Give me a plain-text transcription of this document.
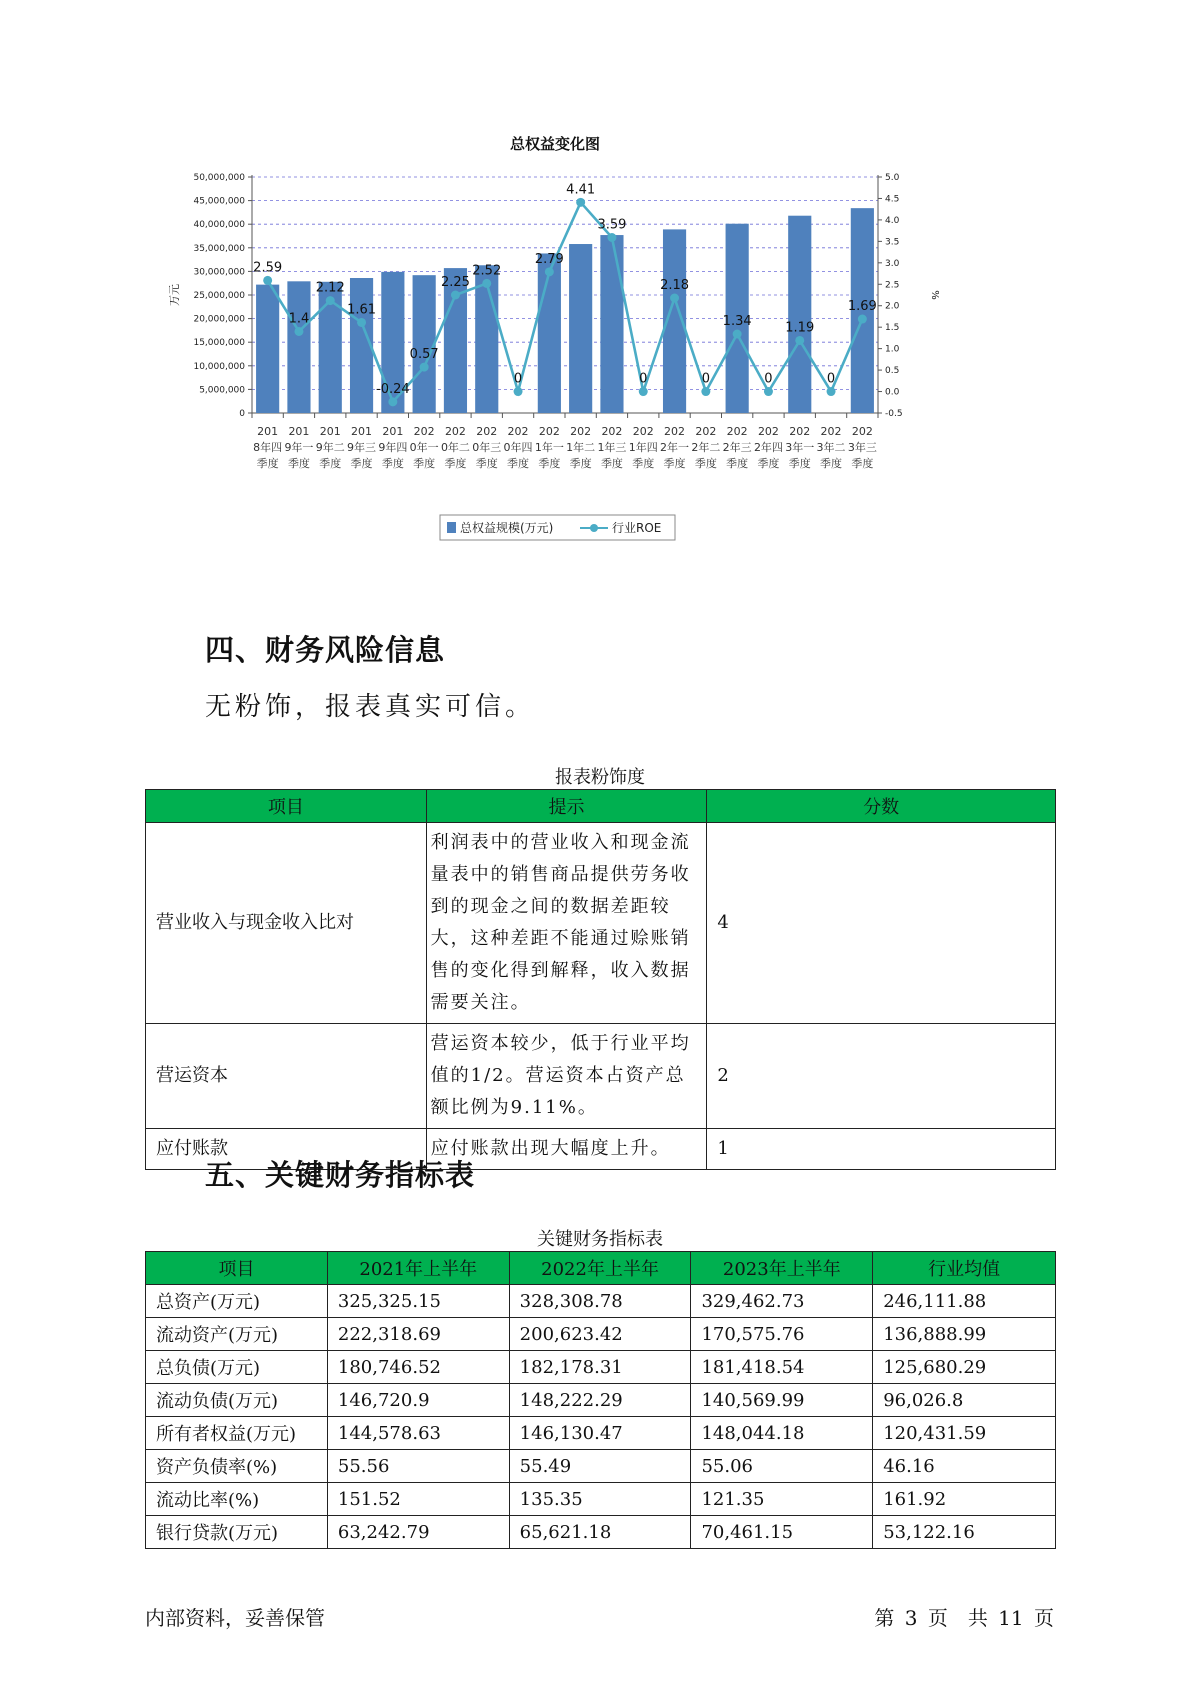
总权益变化图
50,000,000
45,000,000
40,000,000
35,000,000
30,000,000
25,000,000
20,000,000
15,000,000
10,000,000
5,000,000
0
5.0
4.5
4.0
3.5
3.0
2.5
2.0
1.5
1.0
0.5
0.0
-0.5
万元	%
2.59
1.4
2.12
1.61
-0.24
0.57
2.25
2.52
0
2.79
4.41
3.59
0
2.18
0
1.34
0
1.19
0
1.69
201 8年四季度
201 9年一季度
201 9年二季度
201 9年三季度
201 9年四季度
202 0年一季度
202 0年二季度
202 0年三季度
202 0年四季度
202 1年一季度
202 1年二季度
202 1年三季度
202 1年四季度
202 2年一季度
202 2年二季度
202 2年三季度
202 2年四季度
202 3年一季度
202 3年二季度
202 3年三季度
总权益规模(万元)	行业ROE
四、财务风险信息

无粉饰，报表真实可信。

报表粉饰度
项目	提示	分数
营业收入与现金收入比对	利润表中的营业收入和现金流量表中的销售商品提供劳务收到的现金之间的数据差距较大，这种差距不能通过赊账销售的变化得到解释，收入数据需要关注。	4
营运资本	营运资本较少，低于行业平均值的1/2。营运资本占资产总额比例为9.11%。	2
应付账款	应付账款出现大幅度上升。	1
五、关键财务指标表
关键财务指标表
项目	2021年上半年	2022年上半年	2023年上半年	行业均值
总资产(万元)	325,325.15	328,308.78	329,462.73	246,111.88
流动资产(万元)	222,318.69	200,623.42	170,575.76	136,888.99
总负债(万元)	180,746.52	182,178.31	181,418.54	125,680.29
流动负债(万元)	146,720.9	148,222.29	140,569.99	96,026.8
所有者权益(万元)	144,578.63	146,130.47	148,044.18	120,431.59
资产负债率(%)	55.56	55.49	55.06	46.16
流动比率(%)	151.52	135.35	121.35	161.92
银行贷款(万元)	63,242.79	65,621.18	70,461.15	53,122.16
内部资料，妥善保管	第 3 页　共 11 页
